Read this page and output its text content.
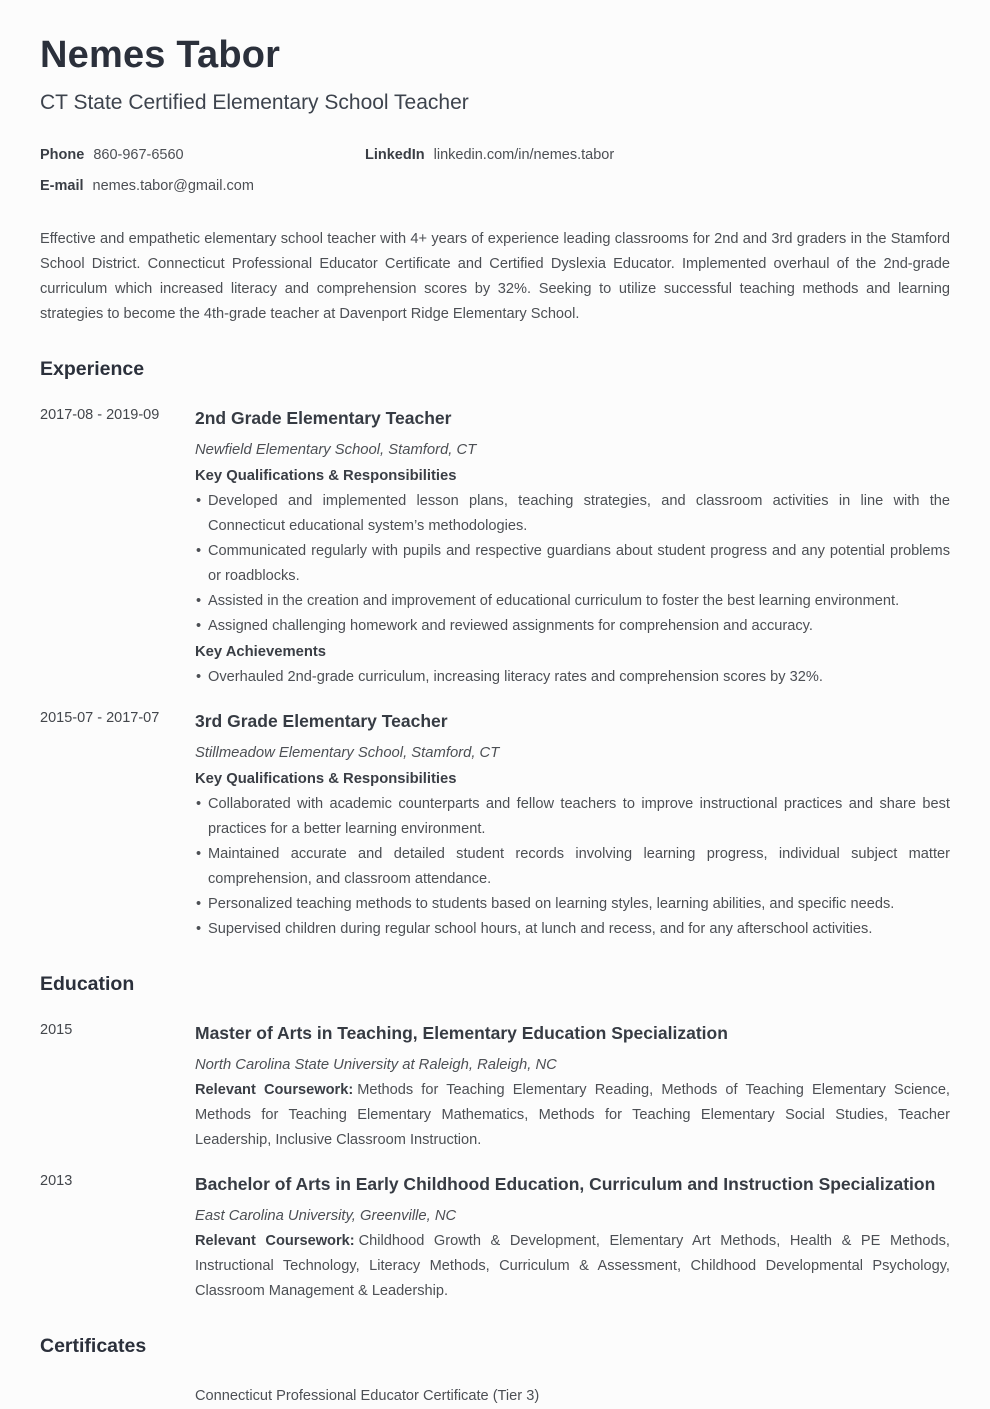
Nemes Tabor
CT State Certified Elementary School Teacher
Phone 860-967-6560	LinkedIn linkedin.com/in/nemes.tabor
E-mail nemes.tabor@gmail.com

Effective and empathetic elementary school teacher with 4+ years of experience leading classrooms for 2nd and 3rd graders in the Stamford School District. Connecticut Professional Educator Certificate and Certified Dyslexia Educator. Implemented overhaul of the 2nd-grade curriculum which increased literacy and comprehension scores by 32%. Seeking to utilize successful teaching methods and learning strategies to become the 4th-grade teacher at Davenport Ridge Elementary School.

Experience
2017-08 - 2019-09	2nd Grade Elementary Teacher
Newfield Elementary School, Stamford, CT
Key Qualifications & Responsibilities
• Developed and implemented lesson plans, teaching strategies, and classroom activities in line with the Connecticut educational system’s methodologies.
• Communicated regularly with pupils and respective guardians about student progress and any potential problems or roadblocks.
• Assisted in the creation and improvement of educational curriculum to foster the best learning environment.
• Assigned challenging homework and reviewed assignments for comprehension and accuracy.
Key Achievements
• Overhauled 2nd-grade curriculum, increasing literacy rates and comprehension scores by 32%.
2015-07 - 2017-07	3rd Grade Elementary Teacher
Stillmeadow Elementary School, Stamford, CT
Key Qualifications & Responsibilities
• Collaborated with academic counterparts and fellow teachers to improve instructional practices and share best practices for a better learning environment.
• Maintained accurate and detailed student records involving learning progress, individual subject matter comprehension, and classroom attendance.
• Personalized teaching methods to students based on learning styles, learning abilities, and specific needs.
• Supervised children during regular school hours, at lunch and recess, and for any afterschool activities.
Education
2015	Master of Arts in Teaching, Elementary Education Specialization
North Carolina State University at Raleigh, Raleigh, NC

Relevant Coursework: Methods for Teaching Elementary Reading, Methods of Teaching Elementary Science, Methods for Teaching Elementary Mathematics, Methods for Teaching Elementary Social Studies, Teacher Leadership, Inclusive Classroom Instruction.

2013	Bachelor of Arts in Early Childhood Education, Curriculum and Instruction Specialization
East Carolina University, Greenville, NC

Relevant Coursework: Childhood Growth & Development, Elementary Art Methods, Health & PE Methods, Instructional Technology, Literacy Methods, Curriculum & Assessment, Childhood Developmental Psychology, Classroom Management & Leadership.

Certificates
Connecticut Professional Educator Certificate (Tier 3)
